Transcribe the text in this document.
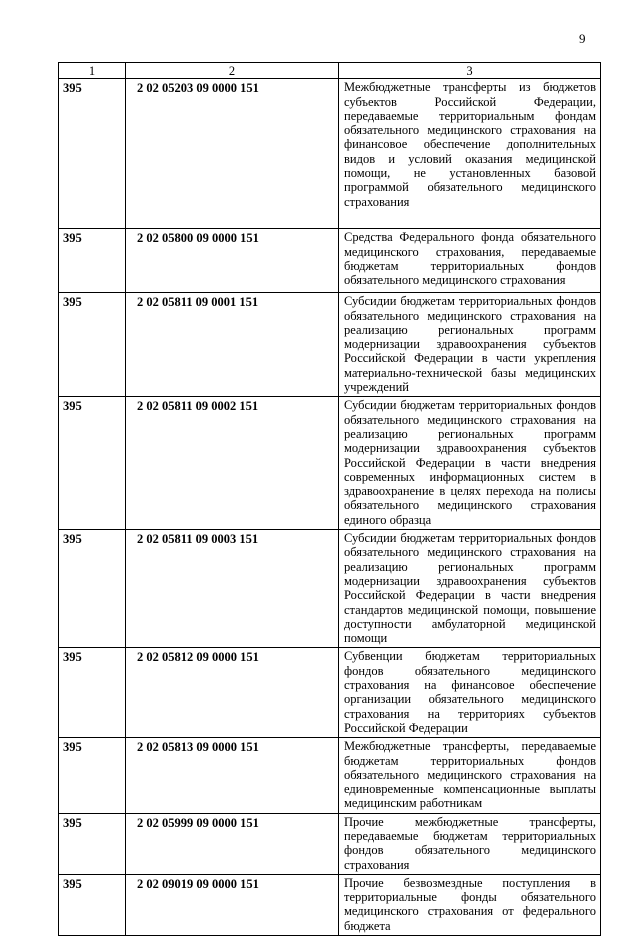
9
1	2	3
395	2 02 05203 09 0000 151	Межбюджетные трансферты из бюджетов субъектов Российской Федерации, передаваемые территориальным фондам обязательного медицинского страхования на финансовое обеспечение дополнительных видов и условий оказания медицинской помощи, не установленных базовой программой обязательного медицинского страхования
395	2 02 05800 09 0000 151	Средства Федерального фонда обязательного медицинского страхования, передаваемые бюджетам территориальных фондов обязательного медицинского страхования
395	2 02 05811 09 0001 151	Субсидии бюджетам территориальных фондов обязательного медицинского страхования на реализацию региональных программ модернизации здравоохранения субъектов Российской Федерации в части укрепления материально-технической базы медицинских учреждений
395	2 02 05811 09 0002 151	Субсидии бюджетам территориальных фондов обязательного медицинского страхования на реализацию региональных программ модернизации здравоохранения субъектов Российской Федерации в части внедрения современных информационных систем в здравоохранение в целях перехода на полисы обязательного медицинского страхования единого образца
395	2 02 05811 09 0003 151	Субсидии бюджетам территориальных фондов обязательного медицинского страхования на реализацию региональных программ модернизации здравоохранения субъектов Российской Федерации в части внедрения стандартов медицинской помощи, повышение доступности амбулаторной медицинской помощи
395	2 02 05812 09 0000 151	Субвенции бюджетам территориальных фондов обязательного медицинского страхования на финансовое обеспечение организации обязательного медицинского страхования на территориях субъектов Российской Федерации
395	2 02 05813 09 0000 151	Межбюджетные трансферты, передаваемые бюджетам территориальных фондов обязательного медицинского страхования на единовременные компенсационные выплаты медицинским работникам
395	2 02 05999 09 0000 151	Прочие межбюджетные трансферты, передаваемые бюджетам территориальных фондов обязательного медицинского страхования
395	2 02 09019 09 0000 151	Прочие безвозмездные поступления в территориальные фонды обязательного медицинского страхования от федерального бюджета
